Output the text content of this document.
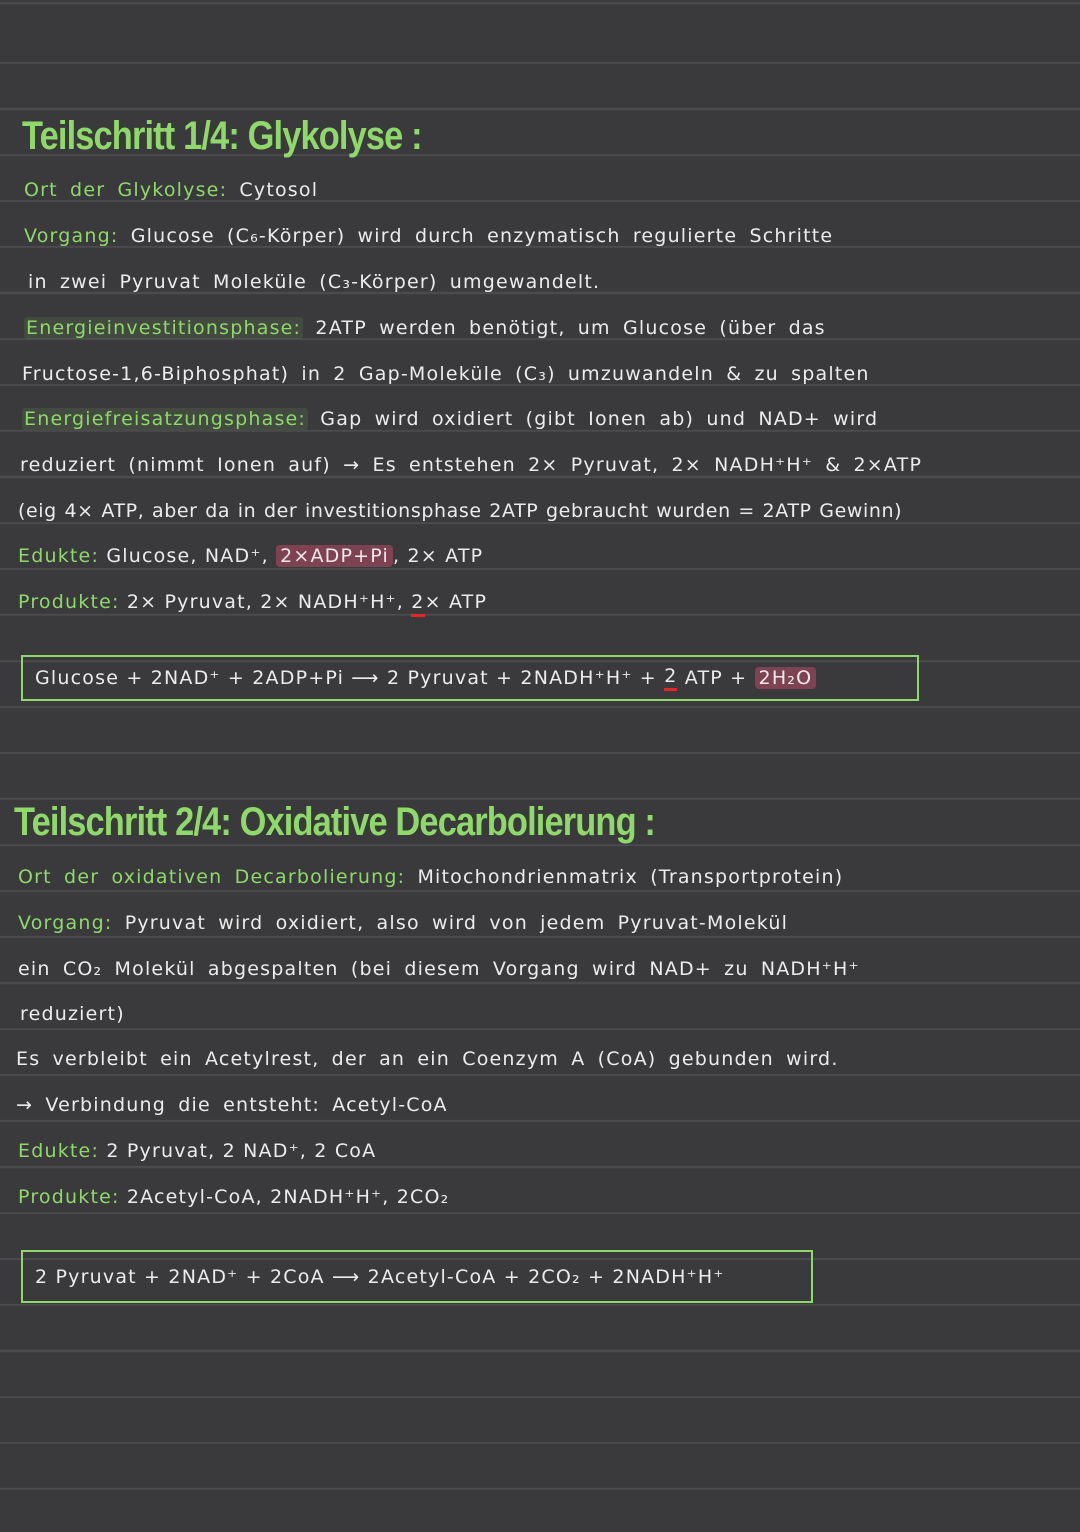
Teilschritt 1/4: Glykolyse :
Ort der Glykolyse: Cytosol
Vorgang: Glucose (C₆-Körper) wird durch enzymatisch regulierte Schritte
in zwei Pyruvat Moleküle (C₃-Körper) umgewandelt.
Energieinvestitionsphase: 2ATP werden benötigt, um Glucose (über das
Fructose-1,6-Biphosphat) in 2 Gap-Moleküle (C₃) umzuwandeln & zu spalten
Energiefreisatzungsphase: Gap wird oxidiert (gibt Ionen ab) und NAD+ wird
reduziert (nimmt Ionen auf) → Es entstehen 2× Pyruvat, 2× NADH⁺H⁺ & 2×ATP
(eig 4× ATP, aber da in der investitionsphase 2ATP gebraucht wurden = 2ATP Gewinn)
Edukte: Glucose, NAD⁺, 2×ADP+Pi , 2× ATP
Produkte: 2× Pyruvat, 2× NADH⁺H⁺, 2× ATP
Glucose + 2NAD⁺ + 2ADP+Pi ⟶ 2 Pyruvat + 2NADH⁺H⁺ +
2
ATP +
2H₂O
Teilschritt 2/4: Oxidative Decarbolierung :
Ort der oxidativen Decarbolierung: Mitochondrienmatrix (Transportprotein)
Vorgang: Pyruvat wird oxidiert, also wird von jedem Pyruvat-Molekül
ein CO₂ Molekül abgespalten (bei diesem Vorgang wird NAD+ zu NADH⁺H⁺
reduziert)
Es verbleibt ein Acetylrest, der an ein Coenzym A (CoA) gebunden wird.
→ Verbindung die entsteht: Acetyl-CoA
Edukte: 2 Pyruvat, 2 NAD⁺, 2 CoA
Produkte: 2Acetyl-CoA, 2NADH⁺H⁺, 2CO₂
2 Pyruvat + 2NAD⁺ + 2CoA ⟶ 2Acetyl-CoA + 2CO₂ + 2NADH⁺H⁺
